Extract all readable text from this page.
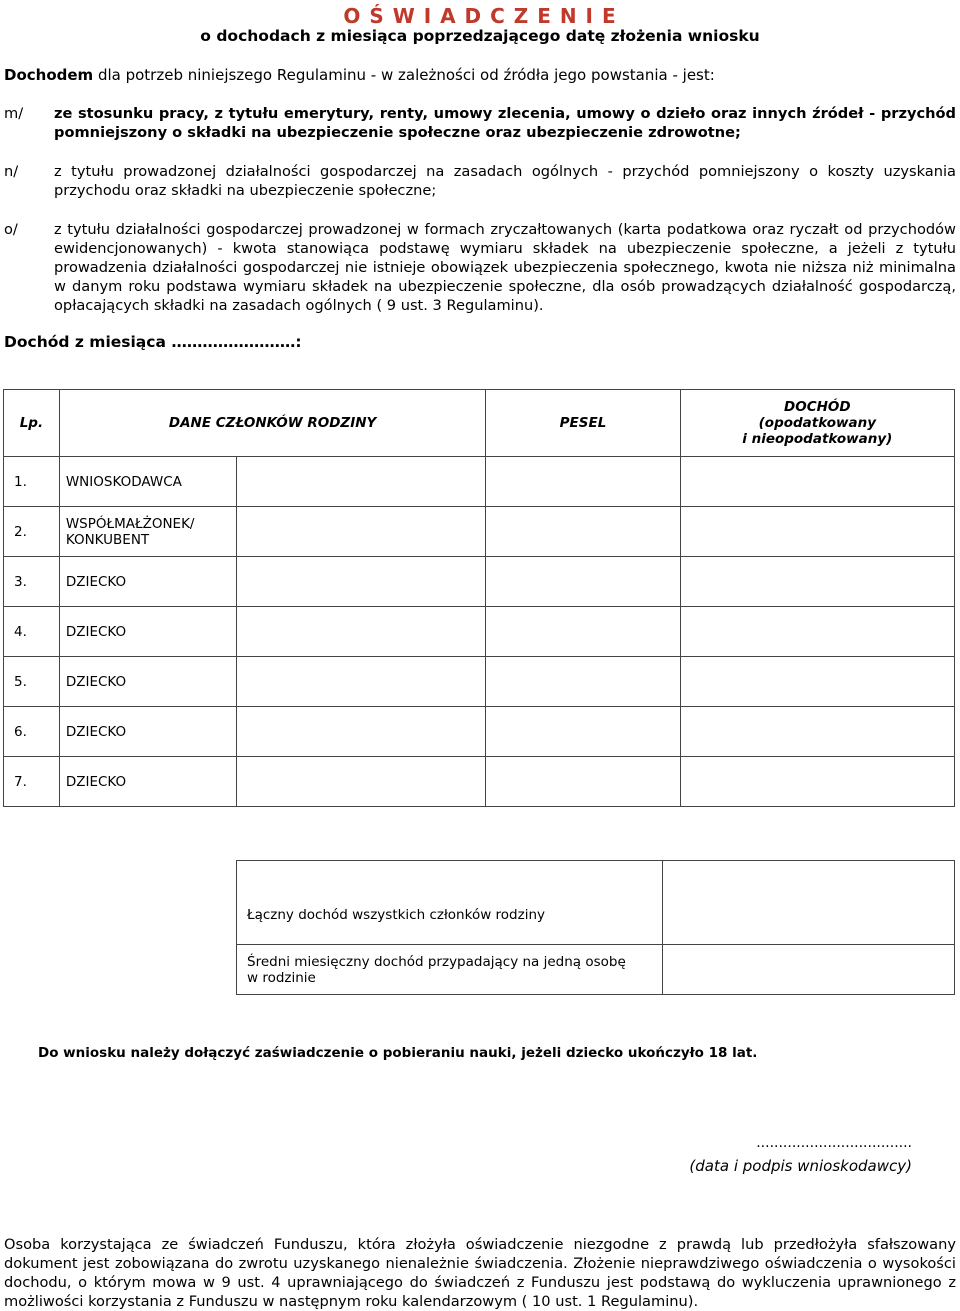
O Ś W I A D C Z E N I E
o dochodach z miesiąca poprzedzającego datę złożenia wniosku
Dochodem dla potrzeb niniejszego Regulaminu - w zależności od źródła jego powstania - jest:
m/ ze stosunku pracy, z tytułu emerytury, renty, umowy zlecenia, umowy o dzieło oraz innych źródeł - przychód pomniejszony o składki na ubezpieczenie społeczne oraz ubezpieczenie zdrowotne;
n/ z tytułu prowadzonej działalności gospodarczej na zasadach ogólnych - przychód pomniejszony o koszty uzyskania przychodu oraz składki na ubezpieczenie społeczne;
o/ z tytułu działalności gospodarczej prowadzonej w formach zryczałtowanych (karta podatkowa oraz ryczałt od przychodów ewidencjonowanych) - kwota stanowiąca podstawę wymiaru składek na ubezpieczenie społeczne, a jeżeli z tytułu prowadzenia działalności gospodarczej nie istnieje obowiązek ubezpieczenia społecznego, kwota nie niższa niż minimalna w danym roku podstawa wymiaru składek na ubezpieczenie społeczne, dla osób prowadzących działalność gospodarczą, opłacających składki na zasadach ogólnych ( 9 ust. 3 Regulaminu).
Dochód z miesiąca ……………………:
Lp.	DANE CZŁONKÓW RODZINY		PESEL	DOCHÓD
(opodatkowany
i nieopodatkowany)

1.	WNIOSKODAWCA			
2.	WSPÓŁMAŁŻONEK/ KONKUBENT			
3.	DZIECKO			
4.	DZIECKO			
5.	DZIECKO			
6.	DZIECKO			
7.	DZIECKO			
Łączny dochód wszystkich członków rodziny	

Średni miesięczny dochód przypadający na jedną osobę
w rodzinie	

Do wniosku należy dołączyć zaświadczenie o pobieraniu nauki, jeżeli dziecko ukończyło 18 lat.
...................................
(data i podpis wnioskodawcy)
Osoba korzystająca ze świadczeń Funduszu, która złożyła oświadczenie niezgodne z prawdą lub przedłożyła sfałszowany dokument jest zobowiązana do zwrotu uzyskanego nienależnie świadczenia. Złożenie nieprawdziwego oświadczenia o wysokości dochodu, o którym mowa w 9 ust. 4 uprawniającego do świadczeń z Funduszu jest podstawą do wykluczenia uprawnionego z możliwości korzystania z Funduszu w następnym roku kalendarzowym ( 10 ust. 1 Regulaminu).
